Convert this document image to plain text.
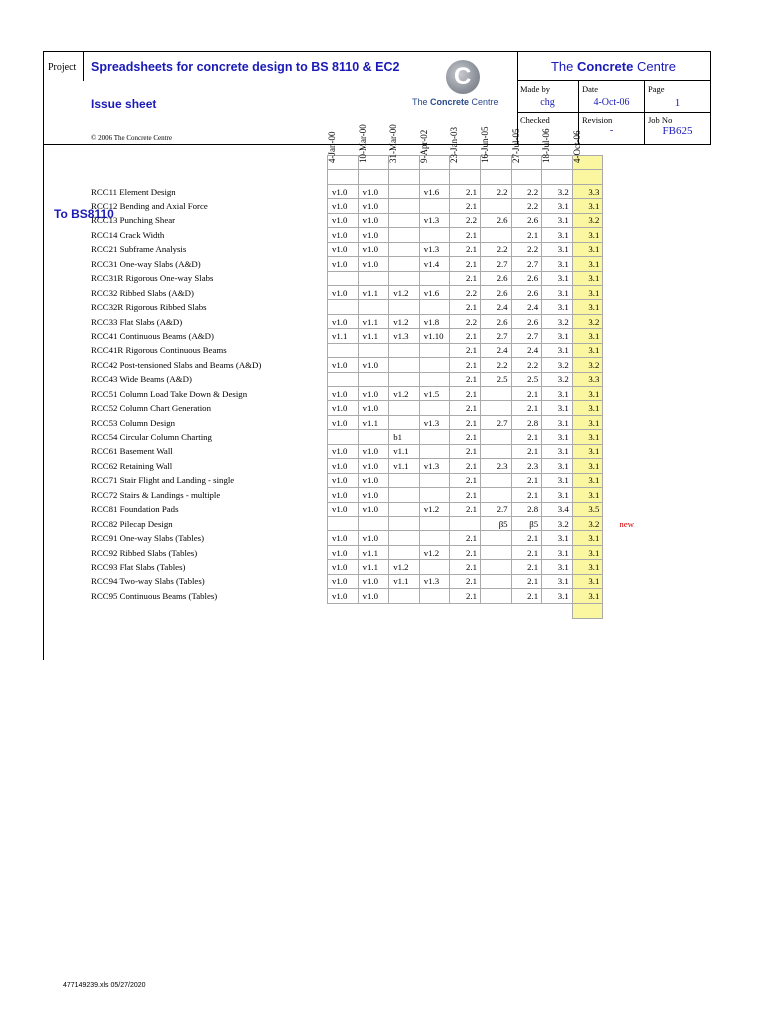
Project Spreadsheets for concrete design to BS 8110 & EC2
Issue sheet
© 2006 The Concrete Centre
C
The Concrete Centre
The Concrete Centre
Made by
chg
Date
4-Oct-06
Page
1
Checked	Revision
-
Job No
FB625
To BS8110

	4-Jan-00	10-Mar-00	31-Mar-00	9-Apr-02	23-Jan-03	16-Jun-05	27-Jul-05	18-Jul-06	4-Oct-06	

RCC11 Element Design	v1.0	v1.0		v1.6	2.1	2.2	2.2	3.2	3.3	
RCC12 Bending and Axial Force	v1.0	v1.0			2.1		2.2	3.1	3.1	
RCC13 Punching Shear	v1.0	v1.0		v1.3	2.2	2.6	2.6	3.1	3.2	
RCC14 Crack Width	v1.0	v1.0			2.1		2.1	3.1	3.1	
RCC21 Subframe Analysis	v1.0	v1.0		v1.3	2.1	2.2	2.2	3.1	3.1	
RCC31 One-way Slabs (A&D)	v1.0	v1.0		v1.4	2.1	2.7	2.7	3.1	3.1	
RCC31R Rigorous One-way Slabs					2.1	2.6	2.6	3.1	3.1	
RCC32 Ribbed Slabs (A&D)	v1.0	v1.1	v1.2	v1.6	2.2	2.6	2.6	3.1	3.1	
RCC32R Rigorous Ribbed Slabs					2.1	2.4	2.4	3.1	3.1	
RCC33 Flat Slabs (A&D)	v1.0	v1.1	v1.2	v1.8	2.2	2.6	2.6	3.2	3.2	
RCC41 Continuous Beams (A&D)	v1.1	v1.1	v1.3	v1.10	2.1	2.7	2.7	3.1	3.1	
RCC41R Rigorous Continuous Beams					2.1	2.4	2.4	3.1	3.1	
RCC42 Post-tensioned Slabs and Beams (A&D)	v1.0	v1.0			2.1	2.2	2.2	3.2	3.2	
RCC43 Wide Beams (A&D)					2.1	2.5	2.5	3.2	3.3	
RCC51 Column Load Take Down & Design	v1.0	v1.0	v1.2	v1.5	2.1		2.1	3.1	3.1	
RCC52 Column Chart Generation	v1.0	v1.0			2.1		2.1	3.1	3.1	
RCC53 Column Design	v1.0	v1.1		v1.3	2.1	2.7	2.8	3.1	3.1	
RCC54 Circular Column Charting			b1		2.1		2.1	3.1	3.1	
RCC61 Basement Wall	v1.0	v1.0	v1.1		2.1		2.1	3.1	3.1	
RCC62 Retaining Wall	v1.0	v1.0	v1.1	v1.3	2.1	2.3	2.3	3.1	3.1	
RCC71 Stair Flight and Landing - single	v1.0	v1.0			2.1		2.1	3.1	3.1	
RCC72 Stairs & Landings - multiple	v1.0	v1.0			2.1		2.1	3.1	3.1	
RCC81 Foundation Pads	v1.0	v1.0		v1.2	2.1	2.7	2.8	3.4	3.5	
RCC82 Pilecap Design						β5	β5	3.2	3.2	new
RCC91 One-way Slabs (Tables)	v1.0	v1.0			2.1		2.1	3.1	3.1	
RCC92 Ribbed Slabs (Tables)	v1.0	v1.1		v1.2	2.1		2.1	3.1	3.1	
RCC93 Flat Slabs (Tables)	v1.0	v1.1	v1.2		2.1		2.1	3.1	3.1	
RCC94 Two-way Slabs (Tables)	v1.0	v1.0	v1.1	v1.3	2.1		2.1	3.1	3.1	
RCC95 Continuous Beams (Tables)	v1.0	v1.0			2.1		2.1	3.1	3.1	

477149239.xls 05/27/2020
